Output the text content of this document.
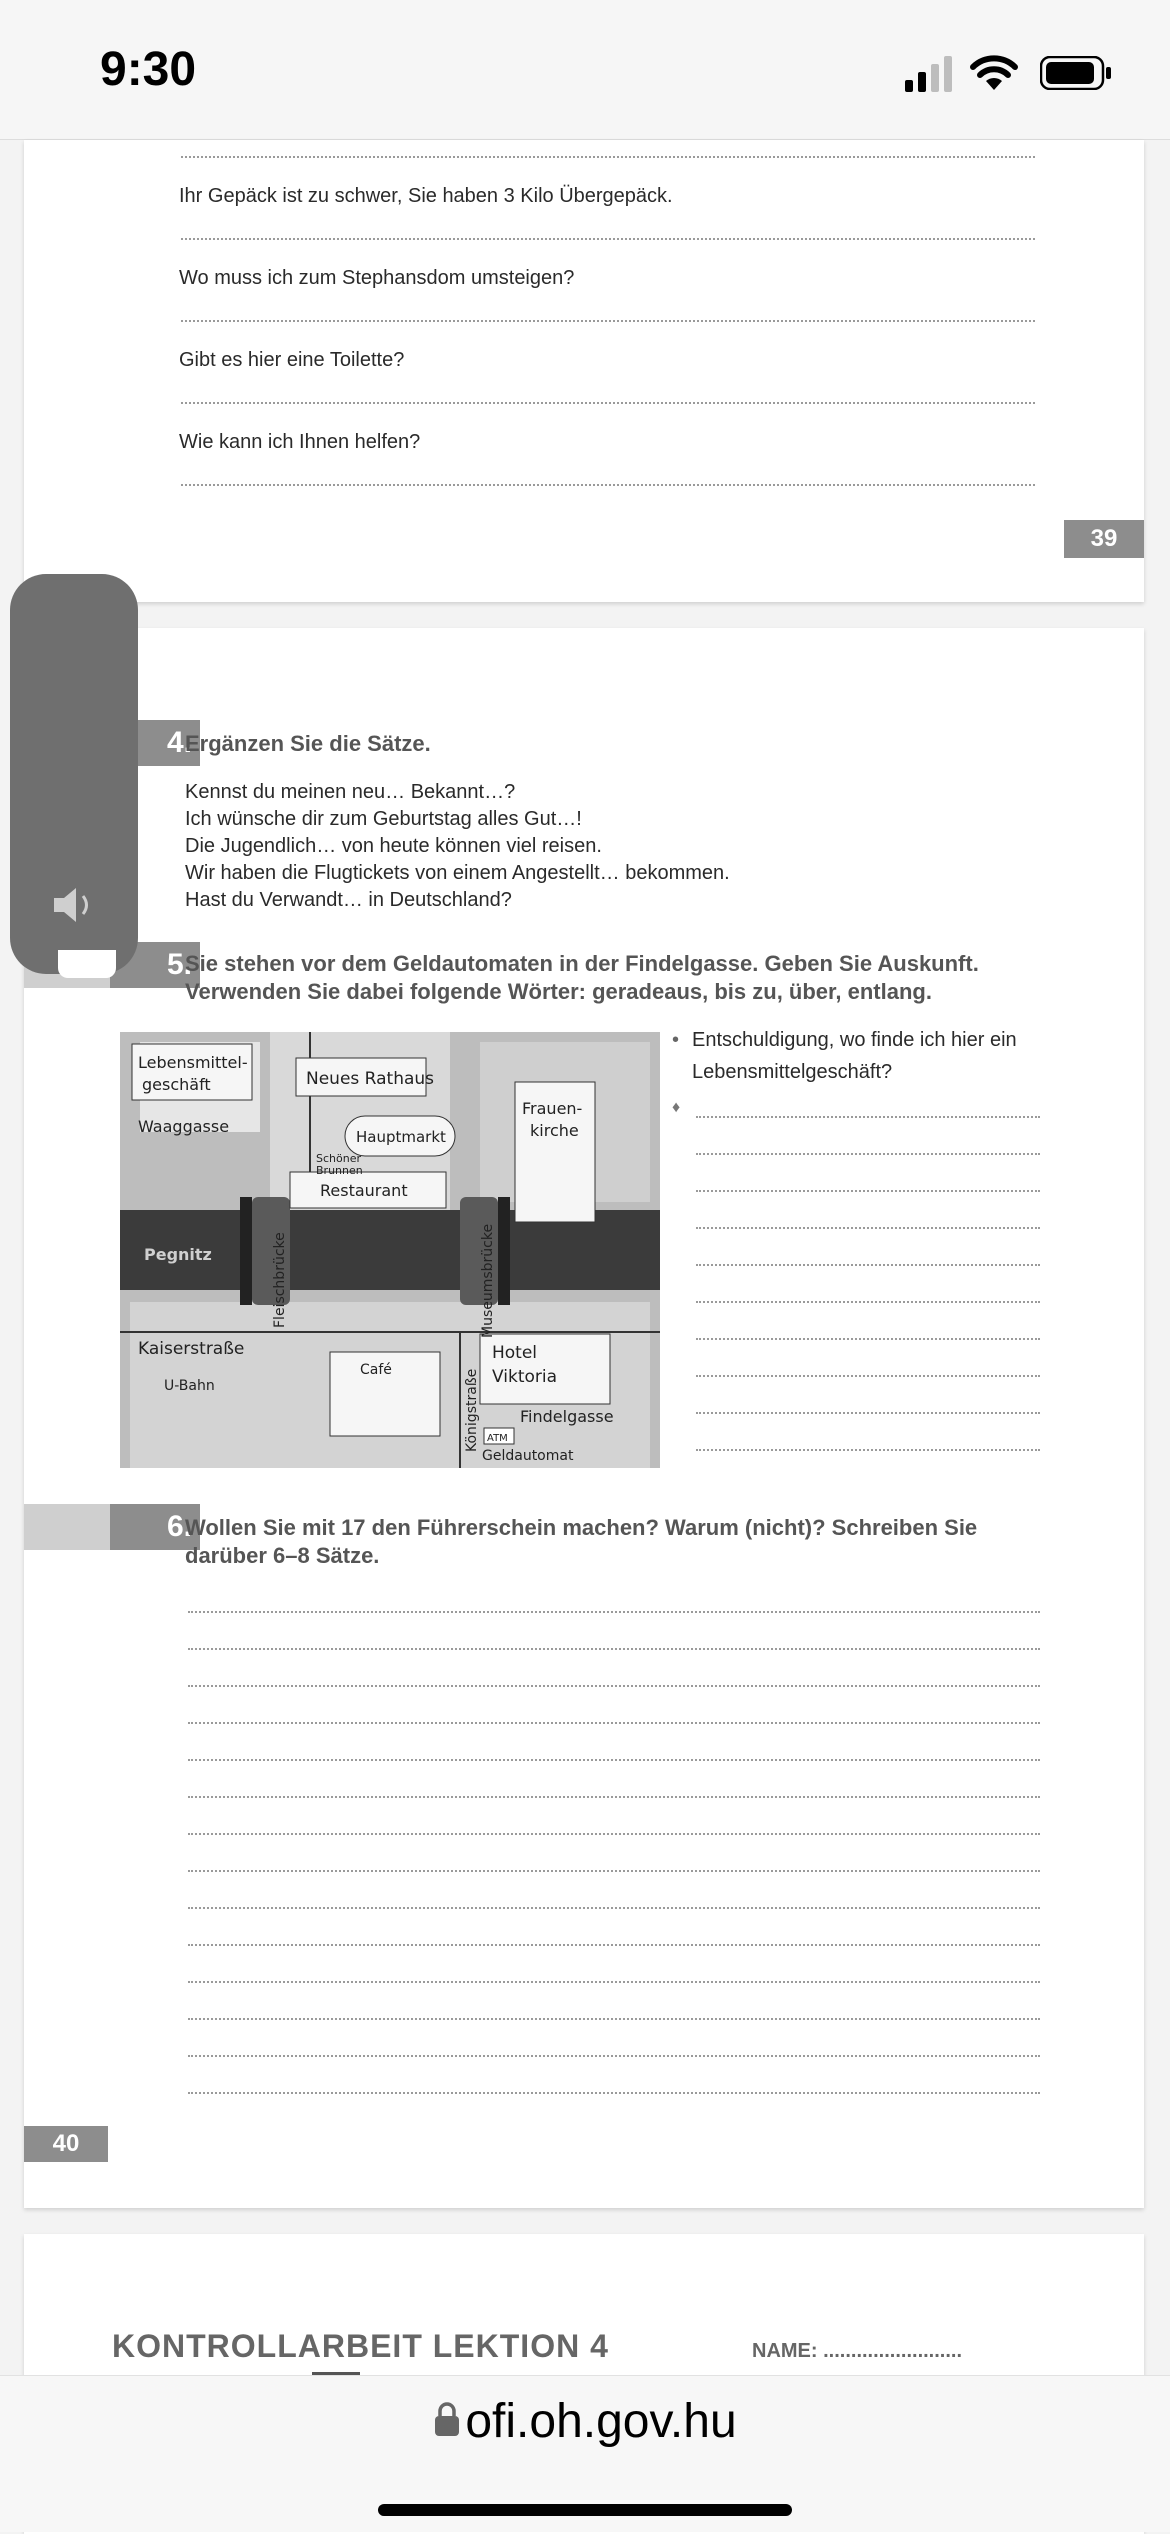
9:30
Ihr Gepäck ist zu schwer, Sie haben 3 Kilo Übergepäck.
Wo muss ich zum Stephansdom umsteigen?
Gibt es hier eine Toilette?
Wie kann ich Ihnen helfen?
39
4.
Ergänzen Sie die Sätze.
Kennst du meinen neu… Bekannt…?
Ich wünsche dir zum Geburtstag alles Gut…!
Die Jugendlich… von heute können viel reisen.
Wir haben die Flugtickets von einem Angestellt… bekommen.
Hast du Verwandt… in Deutschland?
5.
Sie stehen vor dem Geldautomaten in der Findelgasse. Geben Sie Auskunft.
Verwenden Sie dabei folgende Wörter: geradeaus, bis zu, über, entlang.
Lebensmittel-
geschäft	Neues Rathaus
Waaggasse
Hauptmarkt
Schöner
Brunnen
Frauen-
kirche
Restaurant
Pegnitz	Fleischbrücke	Museumsbrücke
Kaiserstraße
U-Bahn
Café	Königstraße
Hotel
Viktoria
Findelgasse
ATM
Geldautomat
• Entschuldigung, wo finde ich hier ein
Lebensmittelgeschäft?
♦
6.
Wollen Sie mit 17 den Führerschein machen? Warum (nicht)? Schreiben Sie
darüber 6–8 Sätze.
40
KONTROLLARBEIT LEKTION 4	NAME: .........................
ofi.oh.gov.hu
